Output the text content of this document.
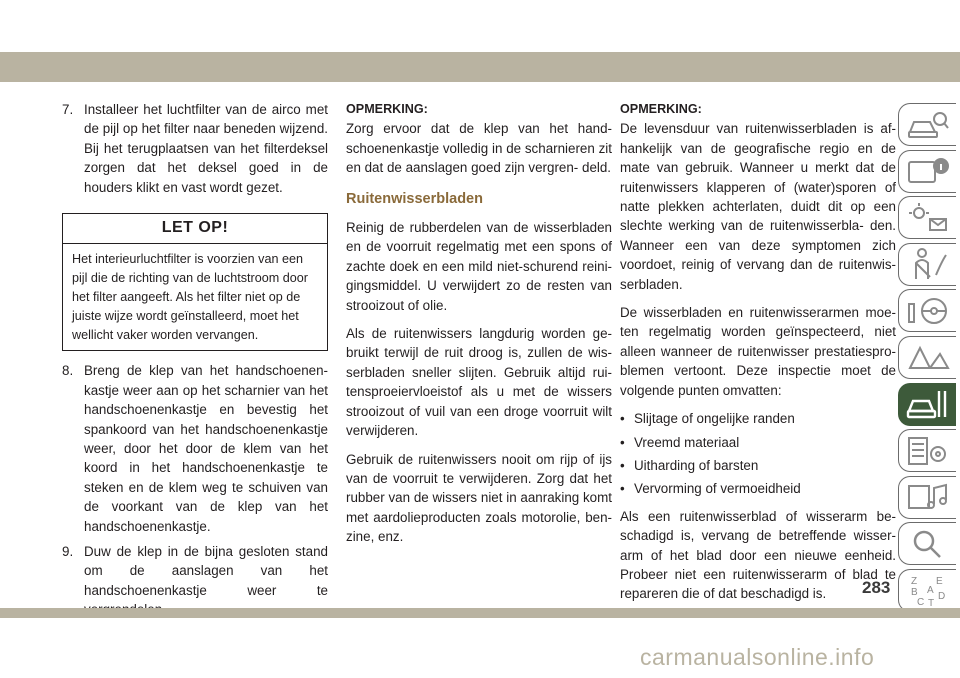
7. Installeer het luchtfilter van de airco met de pijl op het filter naar beneden wijzend. Bij het terugplaatsen van het filterdeksel zorgen dat het deksel goed in de houders klikt en vast wordt gezet.
LET OP!
Het interieurluchtfilter is voorzien van een pijl die de richting van de luchtstroom door het filter aangeeft. Als het filter niet op de juiste wijze wordt geïnstalleerd, moet het wellicht vaker worden vervangen.
8. Breng de klep van het handschoenen- kastje weer aan op het scharnier van het handschoenenkastje en bevestig het spankoord van het handschoenenkastje weer, door het door de klem van het koord in het handschoenenkastje te steken en de klem weg te schuiven van de voorkant van de klep van het handschoenenkastje.
9. Duw de klep in de bijna gesloten stand om de aanslagen van het handschoenenkastje weer te
OPMERKING:

Zorg ervoor dat de klep van het hand- schoenenkastje volledig in de scharnieren zit en dat de aanslagen goed zijn vergren- deld.

Ruitenwisserbladen

Reinig de rubberdelen van de wisserbladen en de voorruit regelmatig met een spons of zachte doek en een mild niet-schurend reini- gingsmiddel. U verwijdert zo de resten van strooizout of olie.

Als de ruitenwissers langdurig worden ge- bruikt terwijl de ruit droog is, zullen de wis- serbladen sneller slijten. Gebruik altijd rui- tensproeiervloeistof als u met de wissers strooizout of vuil van een droge voorruit wilt verwijderen.

Gebruik de ruitenwissers nooit om rijp of ijs van de voorruit te verwijderen. Zorg dat het rubber van de wissers niet in aanraking komt met aardolieproducten zoals motorolie, ben- zine, enz.

OPMERKING:

De levensduur van ruitenwisserbladen is af- hankelijk van de geografische regio en de mate van gebruik. Wanneer u merkt dat de ruitenwissers klapperen of (water)sporen of natte plekken achterlaten, duidt dit op een slechte werking van de ruitenwisserbla- den. Wanneer een van deze symptomen zich voordoet, reinig of vervang dan de ruitenwis- serbladen.

De wisserbladen en ruitenwisserarmen moe- ten regelmatig worden geïnspecteerd, niet alleen wanneer de ruitenwisser prestatiespro- blemen vertoont. Deze inspectie moet de volgende punten omvatten:

• Slijtage of ongelijke randen
• Vreemd materiaal
• Uitharding of barsten
• Vervorming of vermoeidheid

Als een ruitenwisserblad of wisserarm be- schadigd is, vervang de betreffende wisser- arm of het blad door een nieuwe eenheid. Probeer niet een ruitenwisserarm of blad te repareren die of dat beschadigd is.

Z E
B A
C
D
T
283
carmanualsonline.info
